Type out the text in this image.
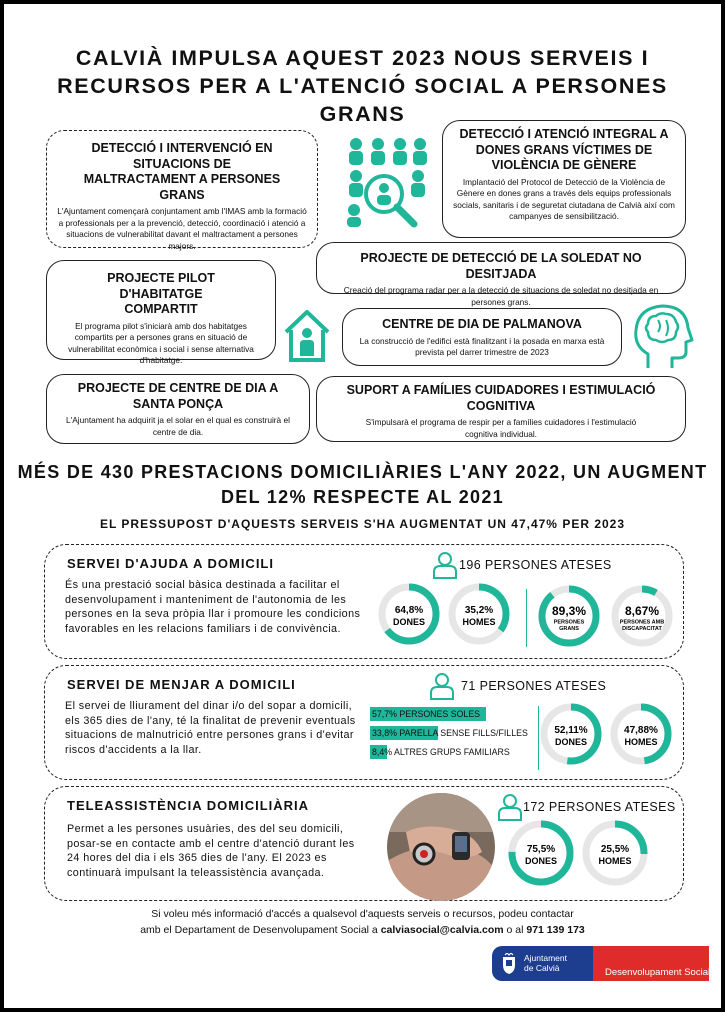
CALVIÀ IMPULSA AQUEST 2023 NOUS SERVEIS I RECURSOS PER A L'ATENCIÓ SOCIAL A PERSONES GRANS
DETECCIÓ I INTERVENCIÓ EN SITUACIONS DE MALTRACTAMENT A PERSONES GRANS

L'Ajuntament començarà conjuntament amb l'IMAS amb la formació a professionals per a la prevenció, detecció, coordinació i atenció a situacions de vulnerabilitat davant el maltractament a persones majors.

DETECCIÓ I ATENCIÓ INTEGRAL A DONES GRANS VÍCTIMES DE VIOLÈNCIA DE GÈNERE

Implantació del Protocol de Detecció de la Violència de Gènere en dones grans a través dels equips professionals socials, sanitaris i de seguretat ciutadana de Calvià així com campanyes de sensibilització.

PROJECTE DE DETECCIÓ DE LA SOLEDAT NO DESITJADA

Creació del programa radar per a la detecció de situacions de soledat no desitjada en persones grans.

PROJECTE PILOT D'HABITATGE COMPARTIT

El programa pilot s'iniciarà amb dos habitatges compartits per a persones grans en situació de vulnerabilitat econòmica i social i sense alternativa d'habitatge.

CENTRE DE DIA DE PALMANOVA

La construcció de l'edifici està finalitzant i la posada en marxa està prevista pel darrer trimestre de 2023

PROJECTE DE CENTRE DE DIA A SANTA PONÇA

L'Ajuntament ha adquirit ja el solar en el qual es construirà el centre de dia.

SUPORT A FAMÍLIES CUIDADORES I ESTIMULACIÓ COGNITIVA

S'impulsarà el programa de respir per a famílies cuidadores i l'estimulació cognitiva individual.

MÉS DE 430 PRESTACIONS DOMICILIÀRIES L'ANY 2022, UN AUGMENT DEL 12% RESPECTE AL 2021
EL PRESSUPOST D'AQUESTS SERVEIS S'HA AUGMENTAT UN 47,47% PER 2023
SERVEI D'AJUDA A DOMICILI
És una prestació social bàsica destinada a facilitar el desenvolupament i manteniment de l'autonomia de les persones en la seva pròpia llar i promoure les condicions favorables en les relacions familiars i de convivència.
196 PERSONES ATESES
SERVEI DE MENJAR A DOMICILI
El servei de lliurament del dinar i/o del sopar a domicili, els 365 dies de l'any, té la finalitat de prevenir eventuals situacions de malnutrició entre persones grans i d'evitar riscos d'accidents a la llar.
71 PERSONES ATESES
TELEASSISTÈNCIA DOMICILIÀRIA
Permet a les persones usuàries, des del seu domicili, posar-se en contacte amb el centre d'atenció durant les 24 hores del dia i els 365 dies de l'any. El 2023 es continuarà impulsant la teleassistència avançada.
172 PERSONES ATESES
64,8%
DONES
35,2%
HOMES
89,3%
PERSONES
GRANS
8,67%
PERSONES AMB
DISCAPACITAT
57,7% PERSONES SOLES
33,8% PARELLA SENSE FILLS/FILLES
8,4% ALTRES GRUPS FAMILIARS
52,11%
DONES
47,88%
HOMES
75,5%
DONES
25,5%
HOMES
Si voleu més informació d'accés a qualsevol d'aquests serveis o recursos, podeu contactar
amb el Departament de Desenvolupament Social a calviasocial@calvia.com o al 971 139 173
Ajuntament
de Calvià	Desenvolupament Social
